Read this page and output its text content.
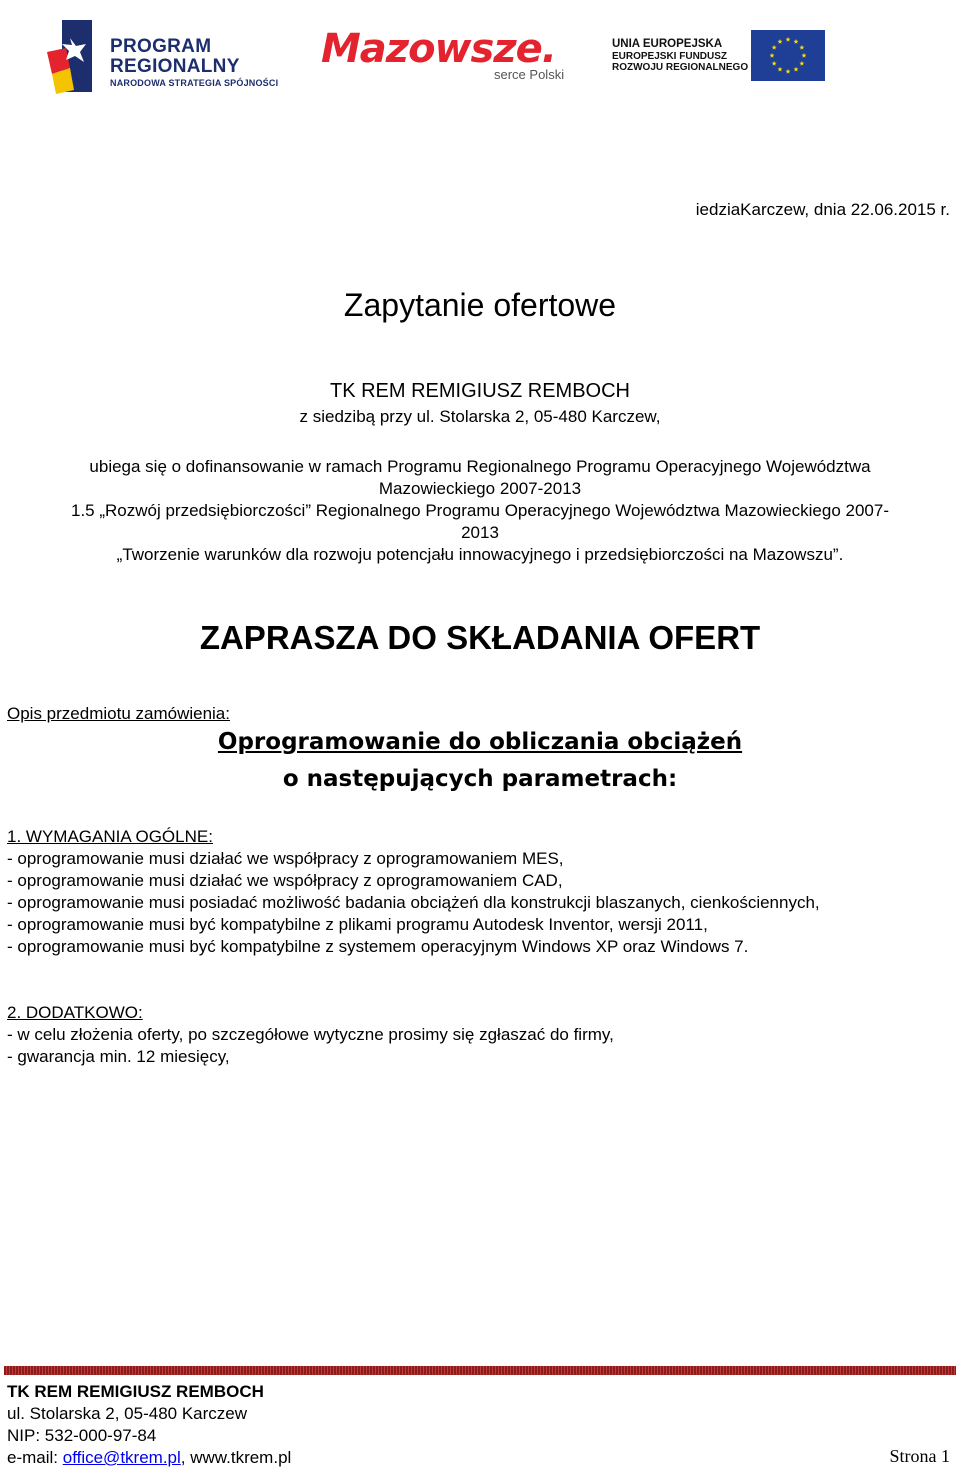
PROGRAM
REGIONALNY
NARODOWA STRATEGIA SPÓJNOŚCI
Mazowsze.
serce Polski
UNIA EUROPEJSKA
EUROPEJSKI FUNDUSZ
ROZWOJU REGIONALNEGO
iedziaKarczew, dnia 22.06.2015 r.
Zapytanie ofertowe
TK REM REMIGIUSZ REMBOCH
z siedzibą przy ul. Stolarska 2, 05-480 Karczew,
ubiega się o dofinansowanie w ramach Programu Regionalnego Programu Operacyjnego Województwa
Mazowieckiego 2007-2013
1.5 „Rozwój przedsiębiorczości” Regionalnego Programu Operacyjnego Województwa Mazowieckiego 2007-
2013
„Tworzenie warunków dla rozwoju potencjału innowacyjnego i przedsiębiorczości na Mazowszu”.
ZAPRASZA DO SKŁADANIA OFERT
Opis przedmiotu zamówienia:
Oprogramowanie do obliczania obciążeń
o następujących parametrach:
1. WYMAGANIA OGÓLNE:
- oprogramowanie musi działać we współpracy z oprogramowaniem MES,
- oprogramowanie musi działać we współpracy z oprogramowaniem CAD,
- oprogramowanie musi posiadać możliwość badania obciążeń dla konstrukcji blaszanych, cienkościennych,
- oprogramowanie musi być kompatybilne z plikami programu Autodesk Inventor, wersji 2011,
- oprogramowanie musi być kompatybilne z systemem operacyjnym Windows XP oraz Windows 7.
2. DODATKOWO:
- w celu złożenia oferty, po szczegółowe wytyczne prosimy się zgłaszać do firmy,
- gwarancja min. 12 miesięcy,
TK REM REMIGIUSZ REMBOCH
ul. Stolarska 2, 05-480 Karczew
NIP: 532-000-97-84
e-mail: office@tkrem.pl, www.tkrem.pl	Strona 1
